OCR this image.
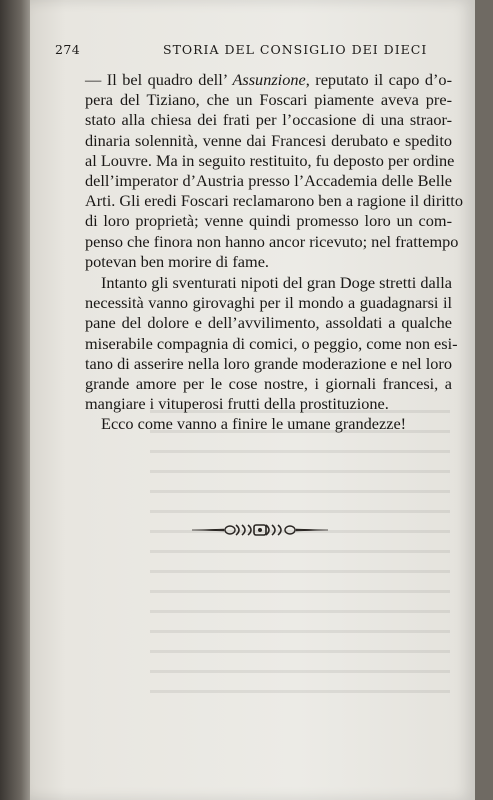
274	STORIA DEL CONSIGLIO DEI DIECI
— Il bel quadro dell’ Assunzione, reputato il capo d’o-
pera del Tiziano, che un Foscari piamente aveva pre-
stato alla chiesa dei frati per l’occasione di una straor-
dinaria solennità, venne dai Francesi derubato e spedito
al Louvre. Ma in seguito restituito, fu deposto per ordine
dell’imperator d’Austria presso l’Accademia delle Belle
Arti. Gli eredi Foscari reclamarono ben a ragione il diritto
di loro proprietà; venne quindi promesso loro un com-
penso che finora non hanno ancor ricevuto; nel frattempo
potevan ben morire di fame.
Intanto gli sventurati nipoti del gran Doge stretti dalla
necessità vanno girovaghi per il mondo a guadagnarsi il
pane del dolore e dell’avvilimento, assoldati a qualche
miserabile compagnia di comici, o peggio, come non esi-
tano di asserire nella loro grande moderazione e nel loro
grande amore per le cose nostre, i giornali francesi, a
mangiare i vituperosi frutti della prostituzione.
Ecco come vanno a finire le umane grandezze!
